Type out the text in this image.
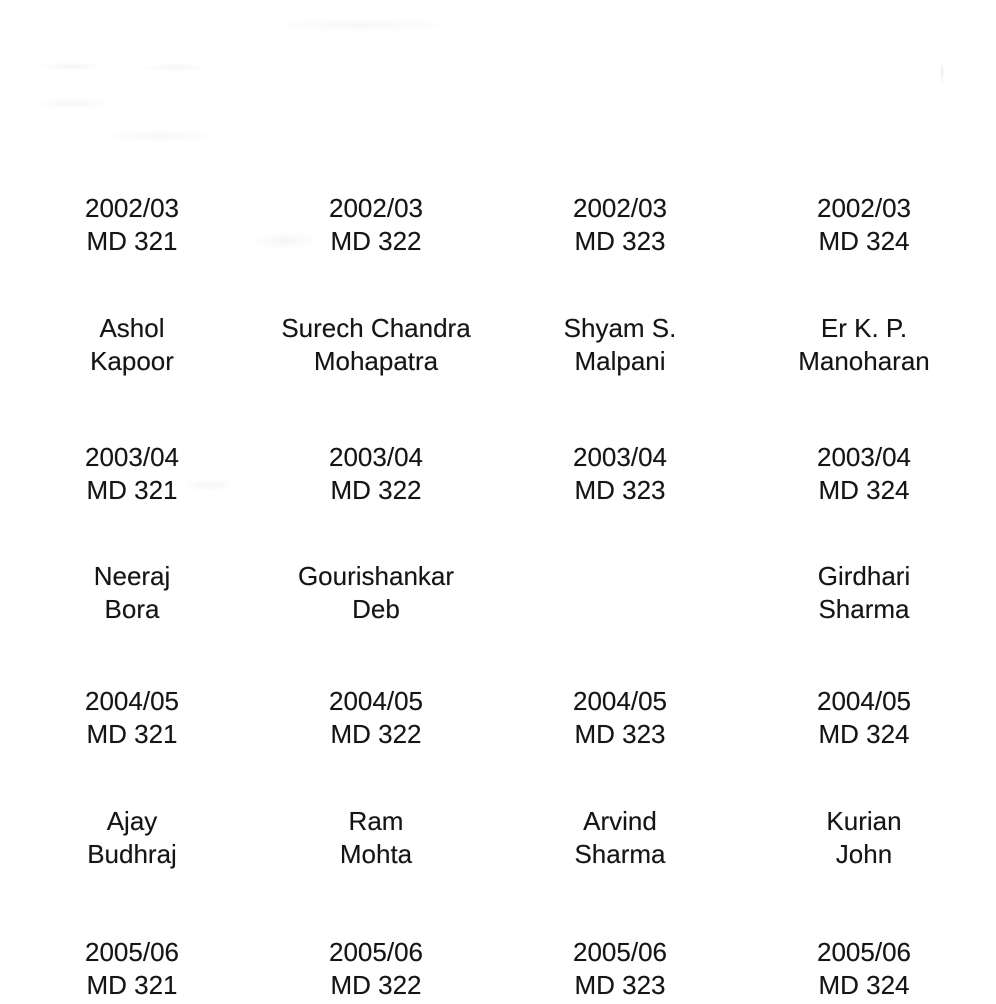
2002/03
MD 321
2002/03
MD 322
2002/03
MD 323
2002/03
MD 324
Ashol
Kapoor
Surech Chandra
Mohapatra
Shyam S.
Malpani
Er K. P.
Manoharan
2003/04
MD 321
2003/04
MD 322
2003/04
MD 323
2003/04
MD 324
Neeraj
Bora
Gourishankar
Deb
Girdhari
Sharma
2004/05
MD 321
2004/05
MD 322
2004/05
MD 323
2004/05
MD 324
Ajay
Budhraj
Ram
Mohta
Arvind
Sharma
Kurian
John
2005/06
MD 321
2005/06
MD 322
2005/06
MD 323
2005/06
MD 324
